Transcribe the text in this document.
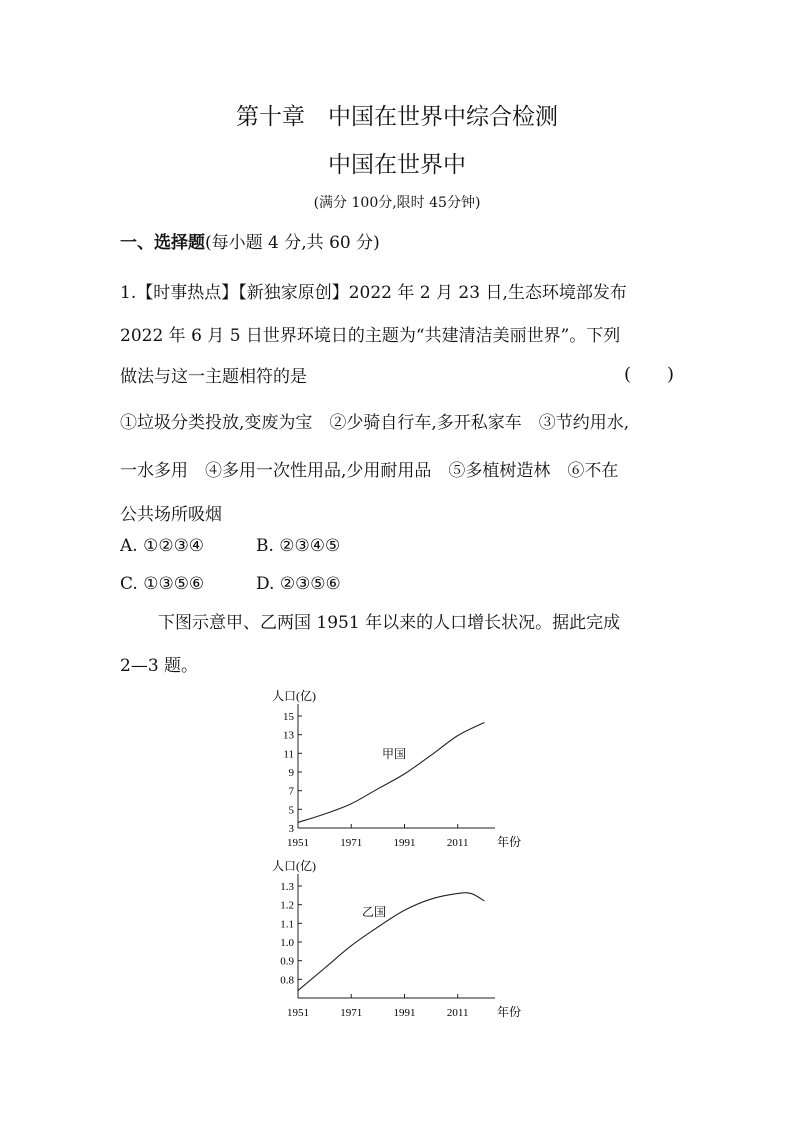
第十章　中国在世界中综合检测
中国在世界中
(满分 100分,限时 45分钟)
一、选择题(每小题 4 分,共 60 分)
1.【时事热点】【新独家原创】2022 年 2 月 23 日,生态环境部发布
2022 年 6 月 5 日世界环境日的主题为“共建清洁美丽世界”。下列
做法与这一主题相符的是	(　　)
①垃圾分类投放,变废为宝　②少骑自行车,多开私家车　③节约用水,
一水多用　④多用一次性用品,少用耐用品　⑤多植树造林　⑥不在
公共场所吸烟
A. ①②③④	B. ②③④⑤
C. ①③⑤⑥	D. ②③⑤⑥
下图示意甲、乙两国 1951 年以来的人口增长状况。据此完成
2—3 题。
人口(亿)
3
5
7
9
11
13
15
1951	1971	1991	2011 年份
甲国
人口(亿)
0.8
0.9
1.0
1.1
1.2
1.3
1951	1971	1991	2011 年份
乙国
